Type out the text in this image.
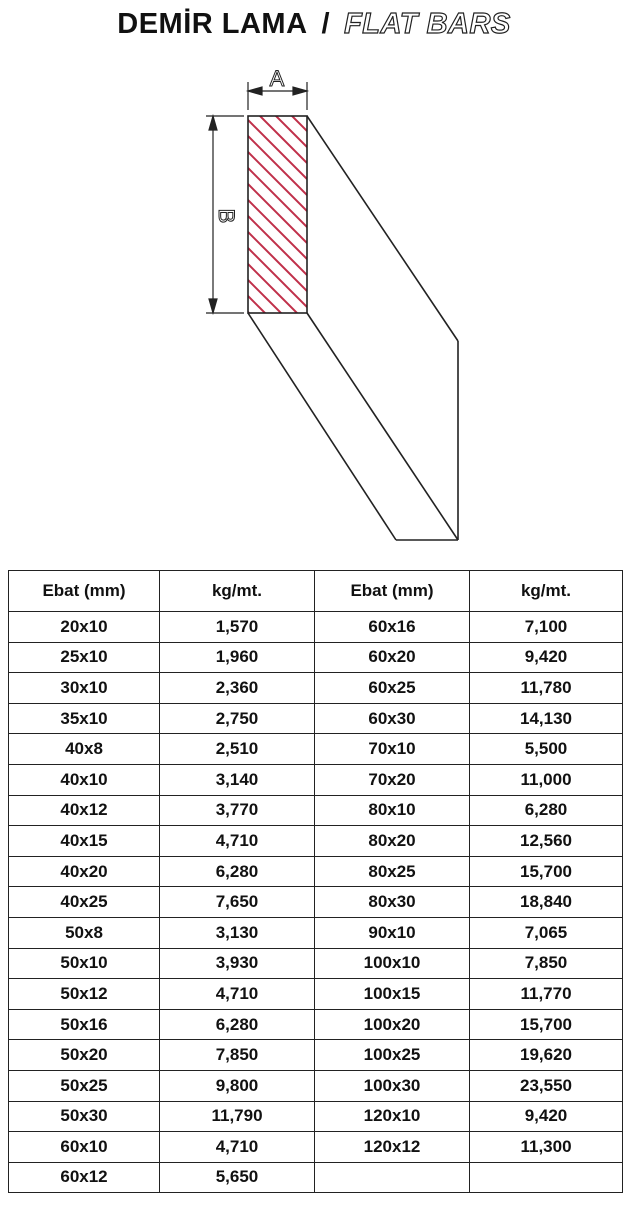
DEMİR LAMA / FLAT BARS
A
B
Ebat (mm)	kg/mt.	Ebat (mm)	kg/mt.
20x10	1,570	60x16	7,100
25x10	1,960	60x20	9,420
30x10	2,360	60x25	11,780
35x10	2,750	60x30	14,130
40x8	2,510	70x10	5,500
40x10	3,140	70x20	11,000
40x12	3,770	80x10	6,280
40x15	4,710	80x20	12,560
40x20	6,280	80x25	15,700
40x25	7,650	80x30	18,840
50x8	3,130	90x10	7,065
50x10	3,930	100x10	7,850
50x12	4,710	100x15	11,770
50x16	6,280	100x20	15,700
50x20	7,850	100x25	19,620
50x25	9,800	100x30	23,550
50x30	11,790	120x10	9,420
60x10	4,710	120x12	11,300
60x12	5,650		
